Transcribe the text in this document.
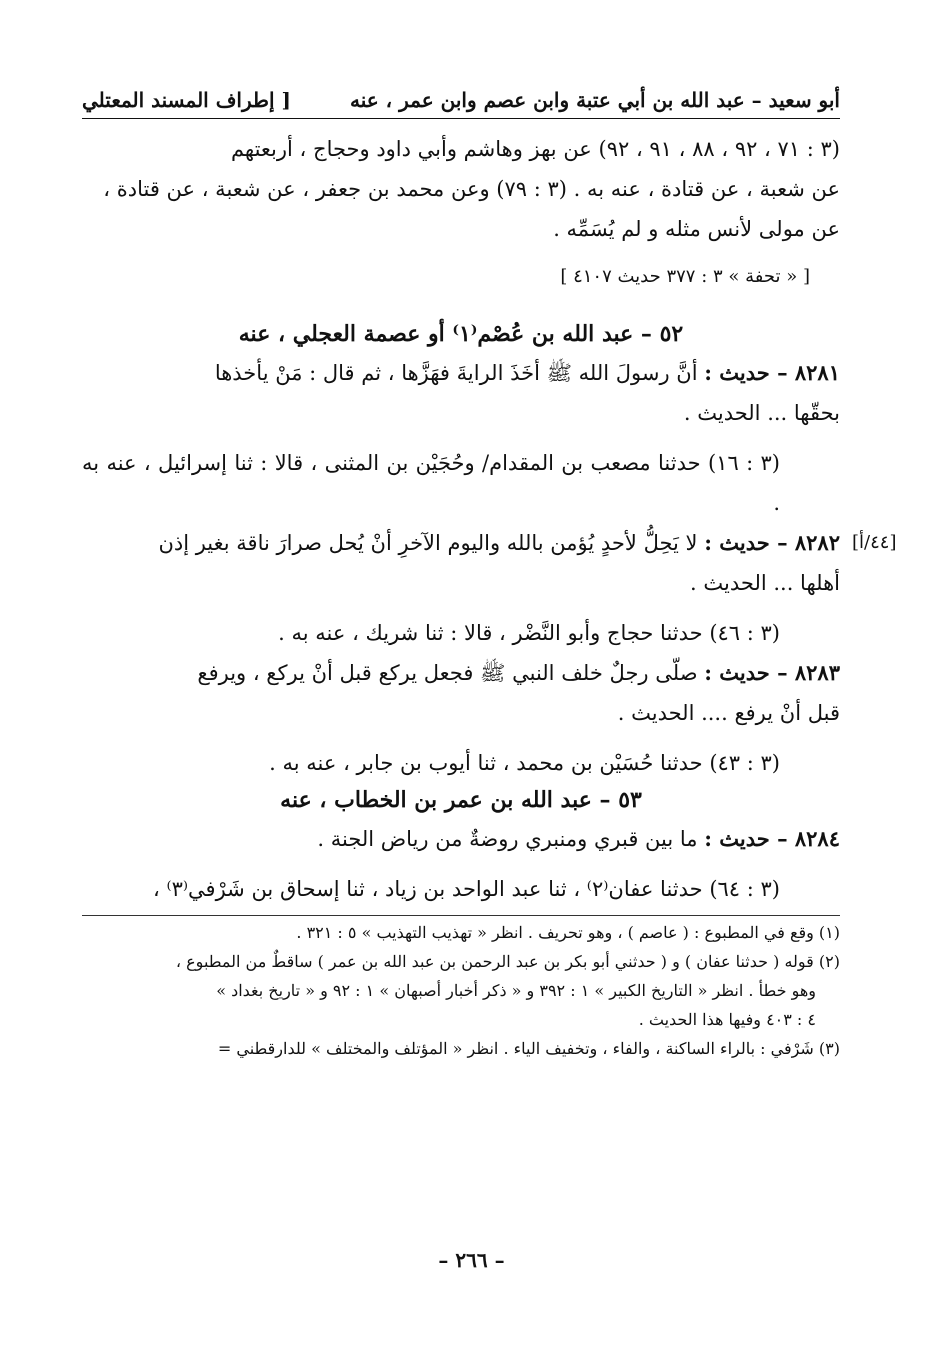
أبو سعيد – عبد الله بن أبي عتبة وابن عصم وابن عمر ، عنه
[ إطراف المسند المعتلي

(٣ : ٧١ ، ٩٢ ، ٨٨ ، ٩١ ، ٩٢) عن بهز وهاشم وأبي داود وحجاج ، أربعتهم

عن شعبة ، عن قتادة ، عنه به . (٣ : ٧٩) وعن محمد بن جعفر ، عن شعبة ، عن قتادة ،

عن مولى لأنس مثله و لم يُسَمِّه .

[ « تحفة » ٣ : ٣٧٧ حديث ٤١٠٧ ]

٥٢ – عبد الله بن عُصْم⁽١⁾ أو عصمة العجلي ، عنه

٨٢٨١ – حديث : أنَّ رسولَ الله ﷺ أخَذَ الرايةَ فهَزَّها ، ثم قال : مَنْ يأخذها

بحقّها ... الحديث .

(٣ : ١٦) حدثنا مصعب بن المقدام/ وحُجَيْن بن المثنى ، قالا : ثنا إسرائيل ، عنه به .

٨٢٨٢ – حديث : لا يَحِلُّ لأحدٍ يُؤمن بالله واليوم الآخرِ أنْ يُحل صرارَ ناقة بغير إذن

أهلها ... الحديث .

(٣ : ٤٦) حدثنا حجاج وأبو النَّضْر ، قالا : ثنا شريك ، عنه به .

٨٢٨٣ – حديث : صلّى رجلٌ خلف النبي ﷺ فجعل يركع قبل أنْ يركع ، ويرفع

قبل أنْ يرفع .... الحديث .

(٣ : ٤٣) حدثنا حُسَيْن بن محمد ، ثنا أيوب بن جابر ، عنه به .

٥٣ – عبد الله بن عمر بن الخطاب ، عنه

٨٢٨٤ – حديث : ما بين قبري ومنبري روضةٌ من رياض الجنة .

(٣ : ٦٤) حدثنا عفان⁽٢⁾ ، ثنا عبد الواحد بن زياد ، ثنا إسحاق بن شَرْفي⁽٣⁾ ،

(١) وقع في المطبوع : ( عاصم ) ، وهو تحريف . انظر « تهذيب التهذيب » ٥ : ٣٢١ .

(٢) قوله ( حدثنا عفان ) و ( حدثني أبو بكر بن عبد الرحمن بن عبد الله بن عمر ) ساقطٌ من المطبوع ،

وهو خطأ . انظر « التاريخ الكبير » ١ : ٣٩٢ و « ذكر أخبار أصبهان » ١ : ٩٢ و « تاريخ بغداد »

٤ : ٤٠٣ وفيها هذا الحديث .

(٣) شَرْفي : بالراء الساكنة ، والفاء ، وتخفيف الياء . انظر « المؤتلف والمختلف » للدارقطني =

[٤٤/أ]
– ٢٦٦ –
